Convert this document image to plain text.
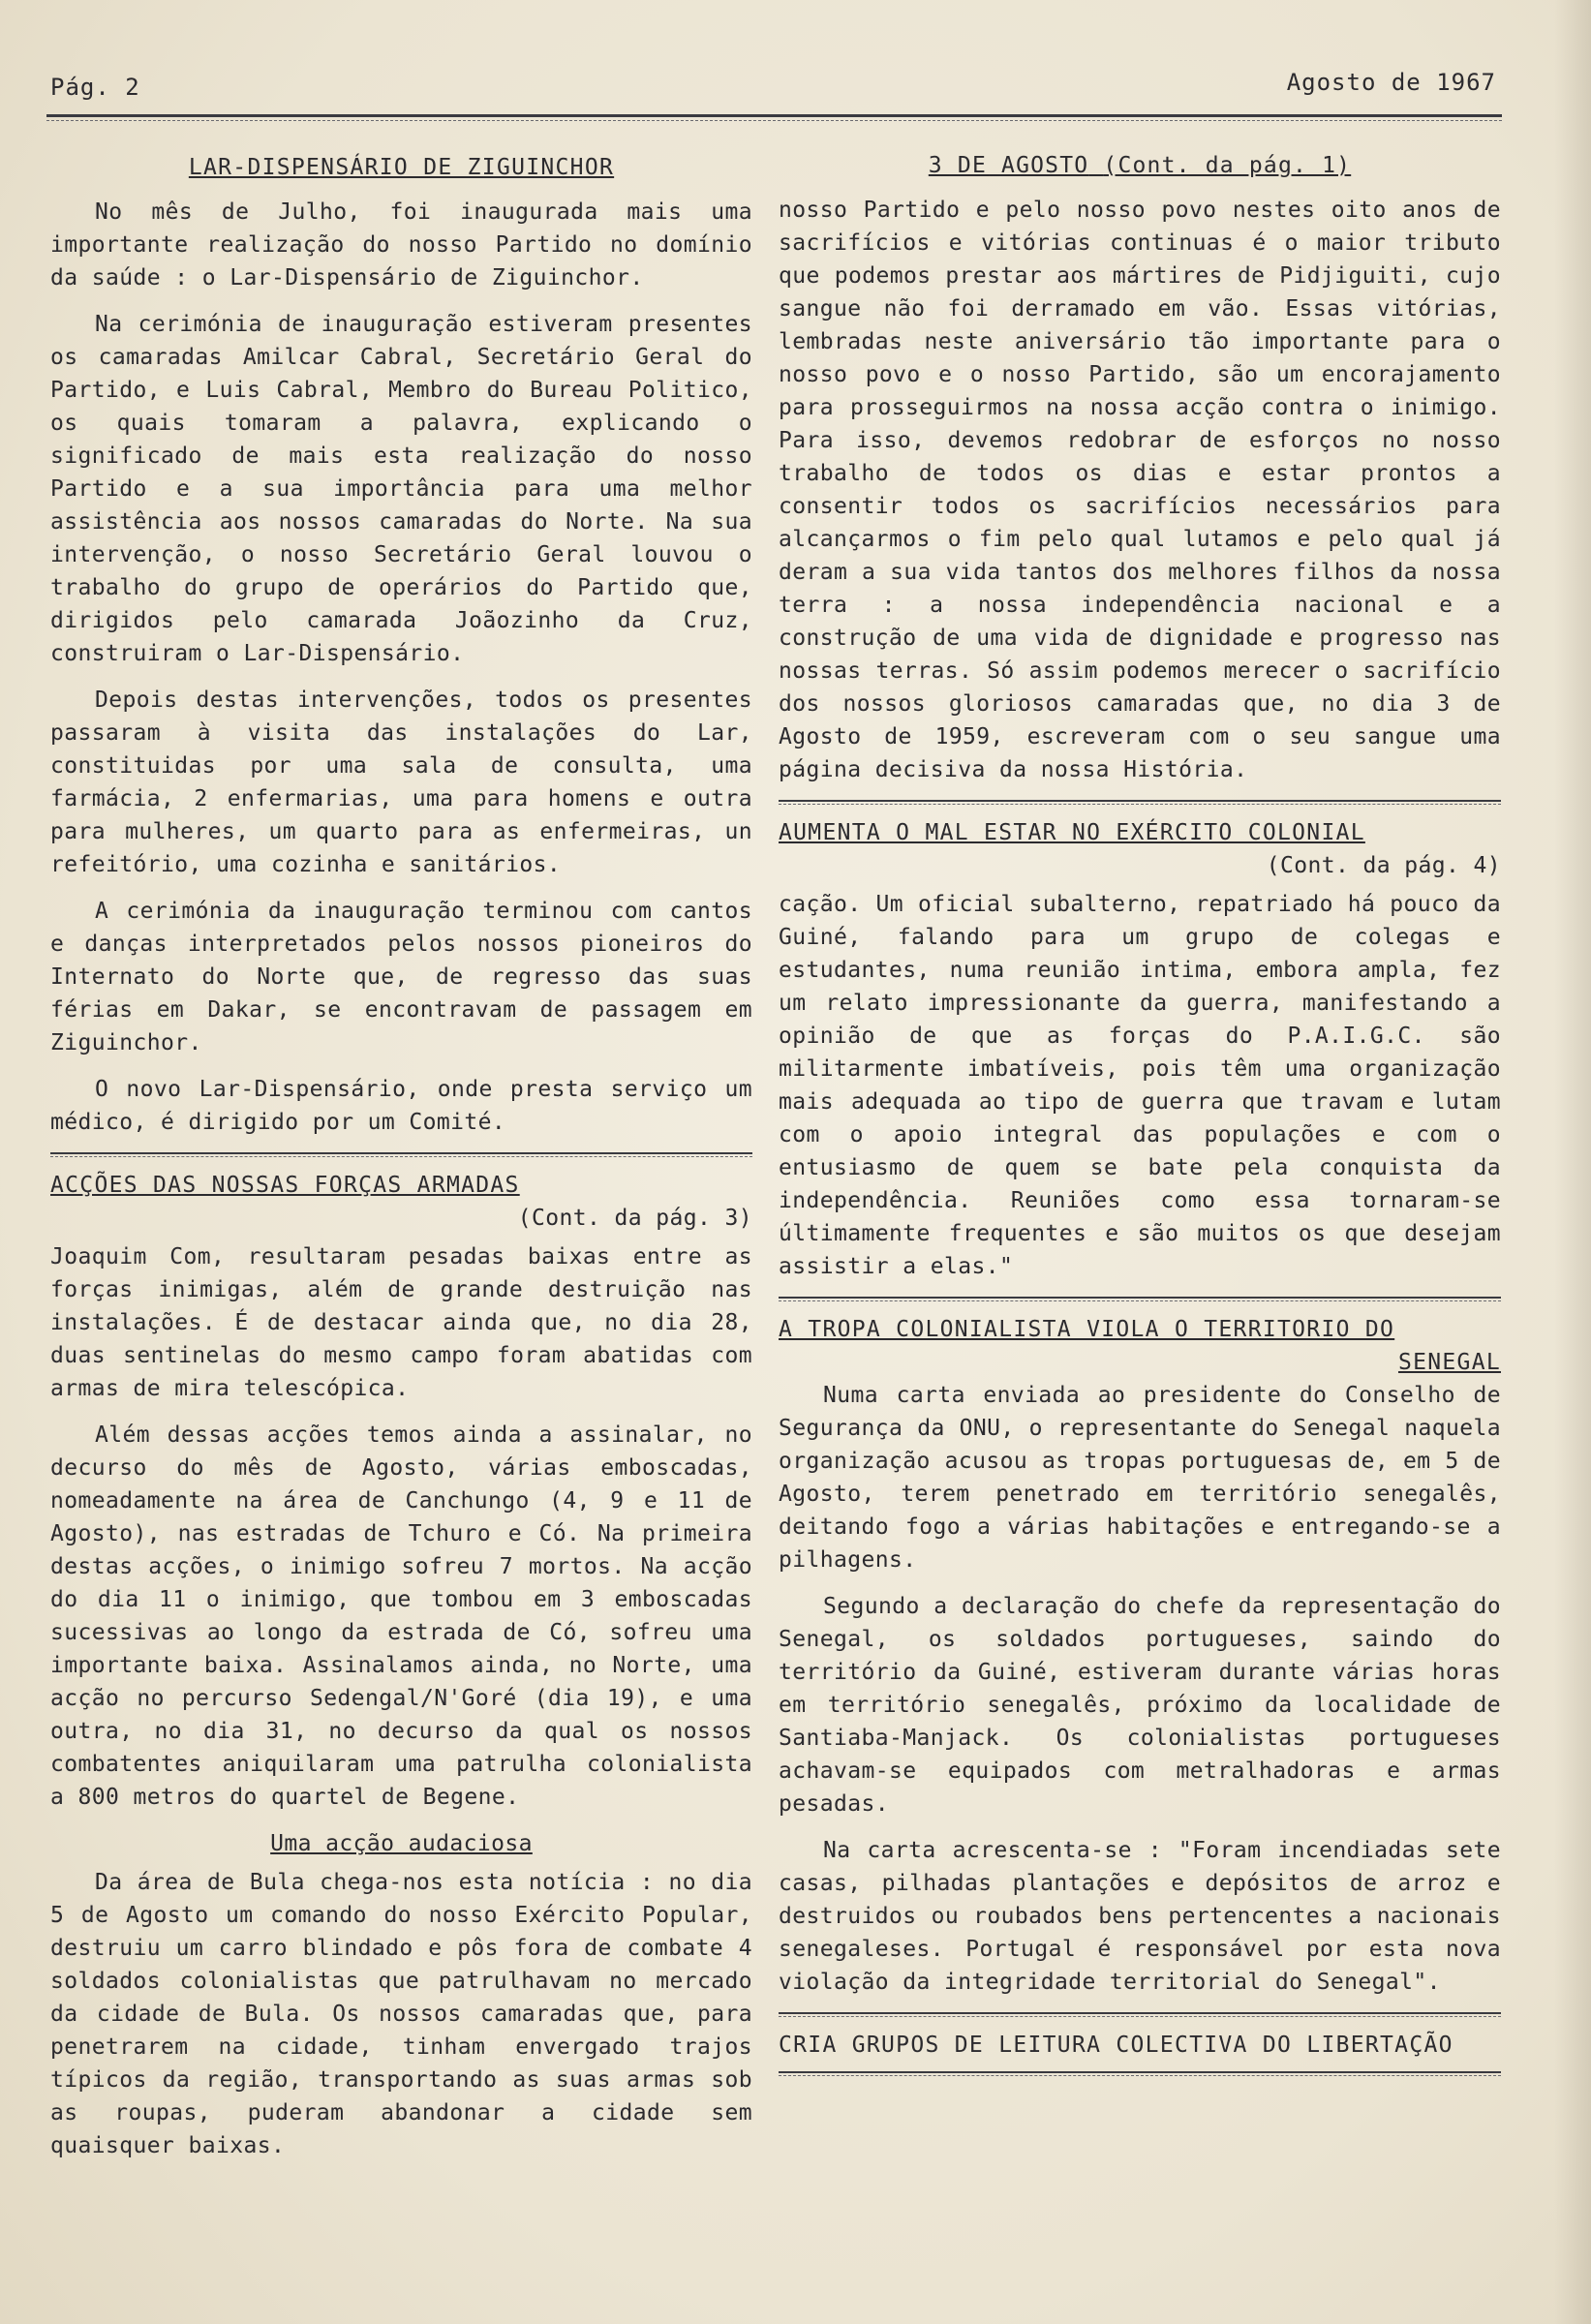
Pág. 2	Agosto de 1967
LAR-DISPENSÁRIO DE ZIGUINCHOR

No mês de Julho, foi inaugurada mais uma importante realização do nosso Partido no domínio da saúde : o Lar-Dispensário de Ziguinchor.

Na cerimónia de inauguração estiveram presentes os camaradas Amilcar Cabral, Secretário Geral do Partido, e Luis Cabral, Membro do Bureau Politico, os quais tomaram a palavra, explicando o significado de mais esta realização do nosso Partido e a sua importância para uma melhor assistência aos nossos camaradas do Norte. Na sua intervenção, o nosso Secretário Geral louvou o trabalho do grupo de operários do Partido que, dirigidos pelo camarada Joãozinho da Cruz, construiram o Lar-Dispensário.

Depois destas intervenções, todos os presentes passaram à visita das instalações do Lar, constituidas por uma sala de consulta, uma farmácia, 2 enfermarias, uma para homens e outra para mulheres, um quarto para as enfermeiras, un refeitório, uma cozinha e sanitários.

A cerimónia da inauguração terminou com cantos e danças interpretados pelos nossos pioneiros do Internato do Norte que, de regresso das suas férias em Dakar, se encontravam de passagem em Ziguinchor.

O novo Lar-Dispensário, onde presta serviço um médico, é dirigido por um Comité.

ACÇÕES DAS NOSSAS FORÇAS ARMADAS
(Cont. da pág. 3)

Joaquim Com, resultaram pesadas baixas entre as forças inimigas, além de grande destruição nas instalações. É de destacar ainda que, no dia 28, duas sentinelas do mesmo campo foram abatidas com armas de mira telescópica.

Além dessas acções temos ainda a assinalar, no decurso do mês de Agosto, várias emboscadas, nomeadamente na área de Canchungo (4, 9 e 11 de Agosto), nas estradas de Tchuro e Có. Na primeira destas acções, o inimigo sofreu 7 mortos. Na acção do dia 11 o inimigo, que tombou em 3 emboscadas sucessivas ao longo da estrada de Có, sofreu uma importante baixa. Assinalamos ainda, no Norte, uma acção no percurso Sedengal/N'Goré (dia 19), e uma outra, no dia 31, no decurso da qual os nossos combatentes aniquilaram uma patrulha colonialista a 800 metros do quartel de Begene.

Uma acção audaciosa

Da área de Bula chega-nos esta notícia : no dia 5 de Agosto um comando do nosso Exército Popular, destruiu um carro blindado e pôs fora de combate 4 soldados colonialistas que patrulhavam no mercado da cidade de Bula. Os nossos camaradas que, para penetrarem na cidade, tinham envergado trajos típicos da região, transportando as suas armas sob as roupas, puderam abandonar a cidade sem quaisquer baixas.

3 DE AGOSTO (Cont. da pág. 1)

nosso Partido e pelo nosso povo nestes oito anos de sacrifícios e vitórias continuas é o maior tributo que podemos prestar aos mártires de Pidjiguiti, cujo sangue não foi derramado em vão. Essas vitórias, lembradas neste aniversário tão importante para o nosso povo e o nosso Partido, são um encorajamento para prosseguirmos na nossa acção contra o inimigo. Para isso, devemos redobrar de esforços no nosso trabalho de todos os dias e estar prontos a consentir todos os sacrifícios necessários para alcançarmos o fim pelo qual lutamos e pelo qual já deram a sua vida tantos dos melhores filhos da nossa terra : a nossa independência nacional e a construção de uma vida de dignidade e progresso nas nossas terras. Só assim podemos merecer o sacrifício dos nossos gloriosos camaradas que, no dia 3 de Agosto de 1959, escreveram com o seu sangue uma página decisiva da nossa História.

AUMENTA O MAL ESTAR NO EXÉRCITO COLONIAL
(Cont. da pág. 4)

cação. Um oficial subalterno, repatriado há pouco da Guiné, falando para um grupo de colegas e estudantes, numa reunião intima, embora ampla, fez um relato impressionante da guerra, manifestando a opinião de que as forças do P.A.I.G.C. são militarmente imbatíveis, pois têm uma organização mais adequada ao tipo de guerra que travam e lutam com o apoio integral das populações e com o entusiasmo de quem se bate pela conquista da independência. Reuniões como essa tornaram-se últimamente frequentes e são muitos os que desejam assistir a elas."

A TROPA COLONIALISTA VIOLA O TERRITORIO DO
SENEGAL

Numa carta enviada ao presidente do Conselho de Segurança da ONU, o representante do Senegal naquela organização acusou as tropas portuguesas de, em 5 de Agosto, terem penetrado em território senegalês, deitando fogo a várias habitações e entregando-se a pilhagens.

Segundo a declaração do chefe da representação do Senegal, os soldados portugueses, saindo do território da Guiné, estiveram durante várias horas em território senegalês, próximo da localidade de Santiaba-Manjack. Os colonialistas portugueses achavam-se equipados com metralhadoras e armas pesadas.

Na carta acrescenta-se : "Foram incendiadas sete casas, pilhadas plantações e depósitos de arroz e destruidos ou roubados bens pertencentes a nacionais senegaleses. Portugal é responsável por esta nova violação da integridade territorial do Senegal".

CRIA GRUPOS DE LEITURA COLECTIVA DO LIBERTAÇÃO
